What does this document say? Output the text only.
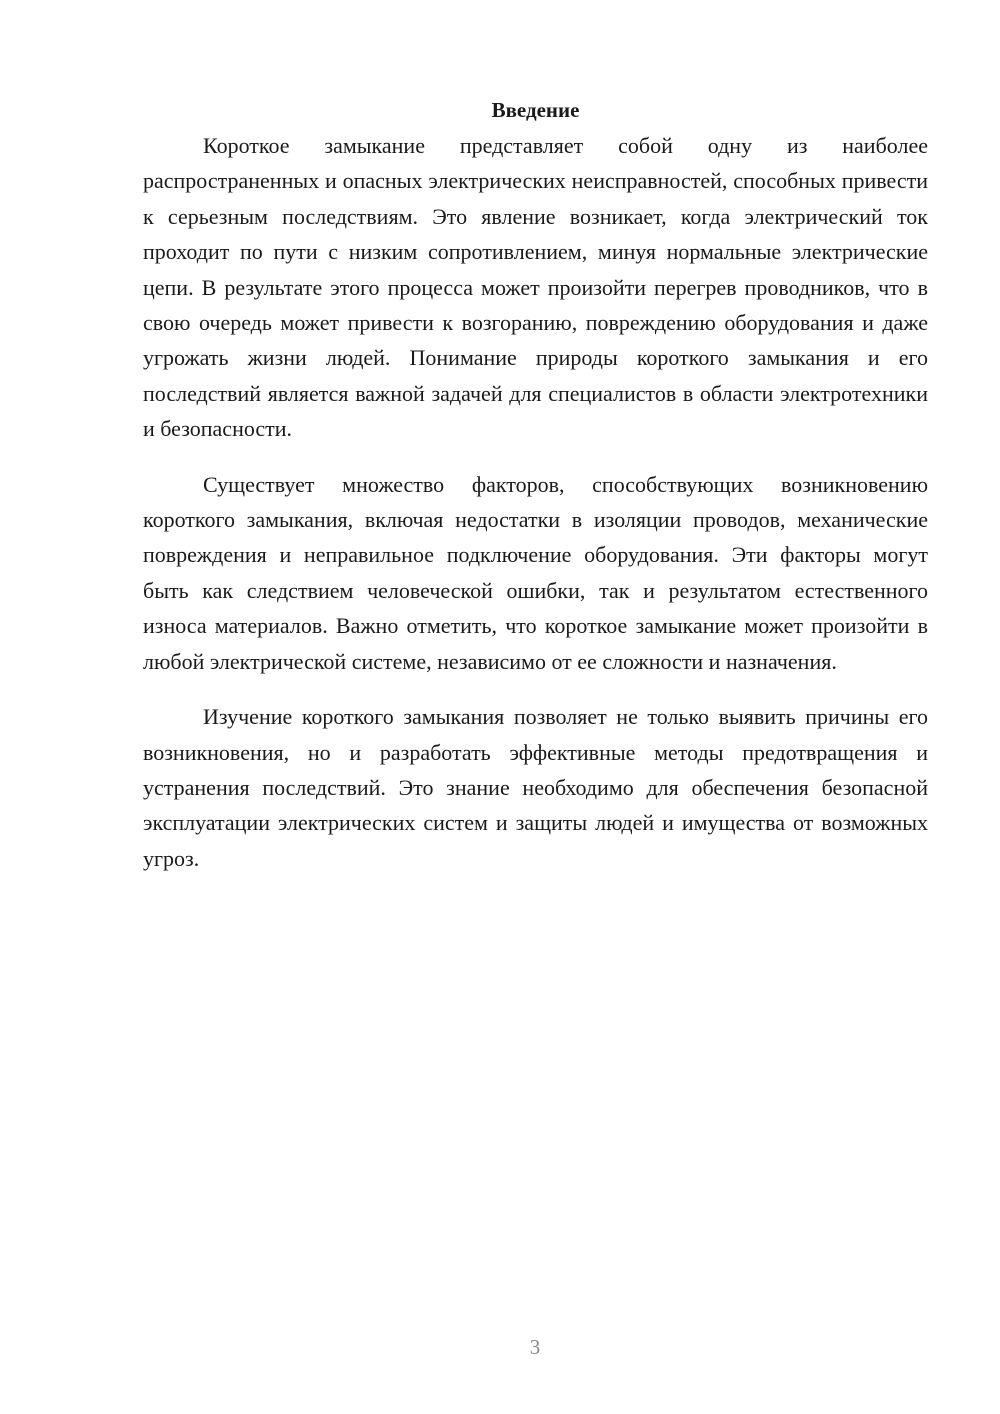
Введение

Короткое замыкание представляет собой одну из наиболее распространенных и опасных электрических неисправностей, способных привести к серьезным последствиям. Это явление возникает, когда электрический ток проходит по пути с низким сопротивлением, минуя нормальные электрические цепи. В результате этого процесса может произойти перегрев проводников, что в свою очередь может привести к возгоранию, повреждению оборудования и даже угрожать жизни людей. Понимание природы короткого замыкания и его последствий является важной задачей для специалистов в области электротехники и безопасности.

Существует множество факторов, способствующих возникновению короткого замыкания, включая недостатки в изоляции проводов, механические повреждения и неправильное подключение оборудования. Эти факторы могут быть как следствием человеческой ошибки, так и результатом естественного износа материалов. Важно отметить, что короткое замыкание может произойти в любой электрической системе, независимо от ее сложности и назначения.

Изучение короткого замыкания позволяет не только выявить причины его возникновения, но и разработать эффективные методы предотвращения и устранения последствий. Это знание необходимо для обеспечения безопасной эксплуатации электрических систем и защиты людей и имущества от возможных угроз.

3
